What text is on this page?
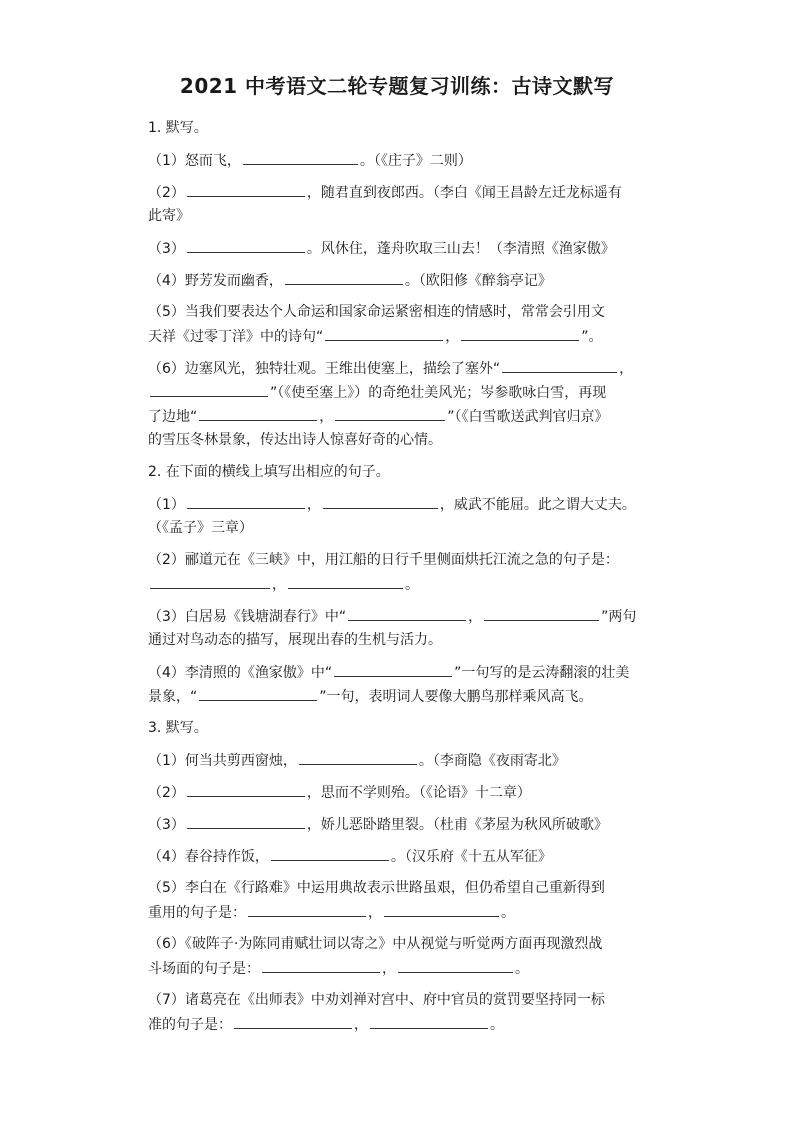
2021 中考语文二轮专题复习训练：古诗文默写
1. 默写。
（1）怒而飞，	。（《庄子》二则）
（2）	，随君直到夜郎西。（李白《闻王昌龄左迁龙标遥有
此寄》
（3）	。风休住，蓬舟吹取三山去！（李清照《渔家傲》
（4）野芳发而幽香，	。（欧阳修《醉翁亭记》
（5）当我们要表达个人命运和国家命运紧密相连的情感时，常常会引用文
天祥《过零丁洋》中的诗句“	，	”。
（6）边塞风光，独特壮观。王维出使塞上，描绘了塞外“	，
”（《使至塞上》）的奇绝壮美风光；岑参歌咏白雪，再现
了边地“	，	”（《白雪歌送武判官归京》
的雪压冬林景象，传达出诗人惊喜好奇的心情。
2. 在下面的横线上填写出相应的句子。
（1）	，	，威武不能屈。此之谓大丈夫。
（《孟子》三章）
（2）郦道元在《三峡》中，用江船的日行千里侧面烘托江流之急的句子是：
，	。
（3）白居易《钱塘湖春行》中“	，	”两句
通过对鸟动态的描写，展现出春的生机与活力。
（4）李清照的《渔家傲》中“	”一句写的是云涛翻滚的壮美
景象，“	”一句，表明词人要像大鹏鸟那样乘风高飞。
3. 默写。
（1）何当共剪西窗烛，	。（李商隐《夜雨寄北》
（2）	，思而不学则殆。（《论语》十二章）
（3）	，娇儿恶卧踏里裂。（杜甫《茅屋为秋风所破歌》
（4）春谷持作饭，	。（汉乐府《十五从军征》
（5）李白在《行路难》中运用典故表示世路虽艰，但仍希望自己重新得到
重用的句子是：	，	。
（6）《破阵子·为陈同甫赋壮词以寄之》中从视觉与听觉两方面再现激烈战
斗场面的句子是：	，	。
（7）诸葛亮在《出师表》中劝刘禅对宫中、府中官员的赏罚要坚持同一标
准的句子是：	，	。
